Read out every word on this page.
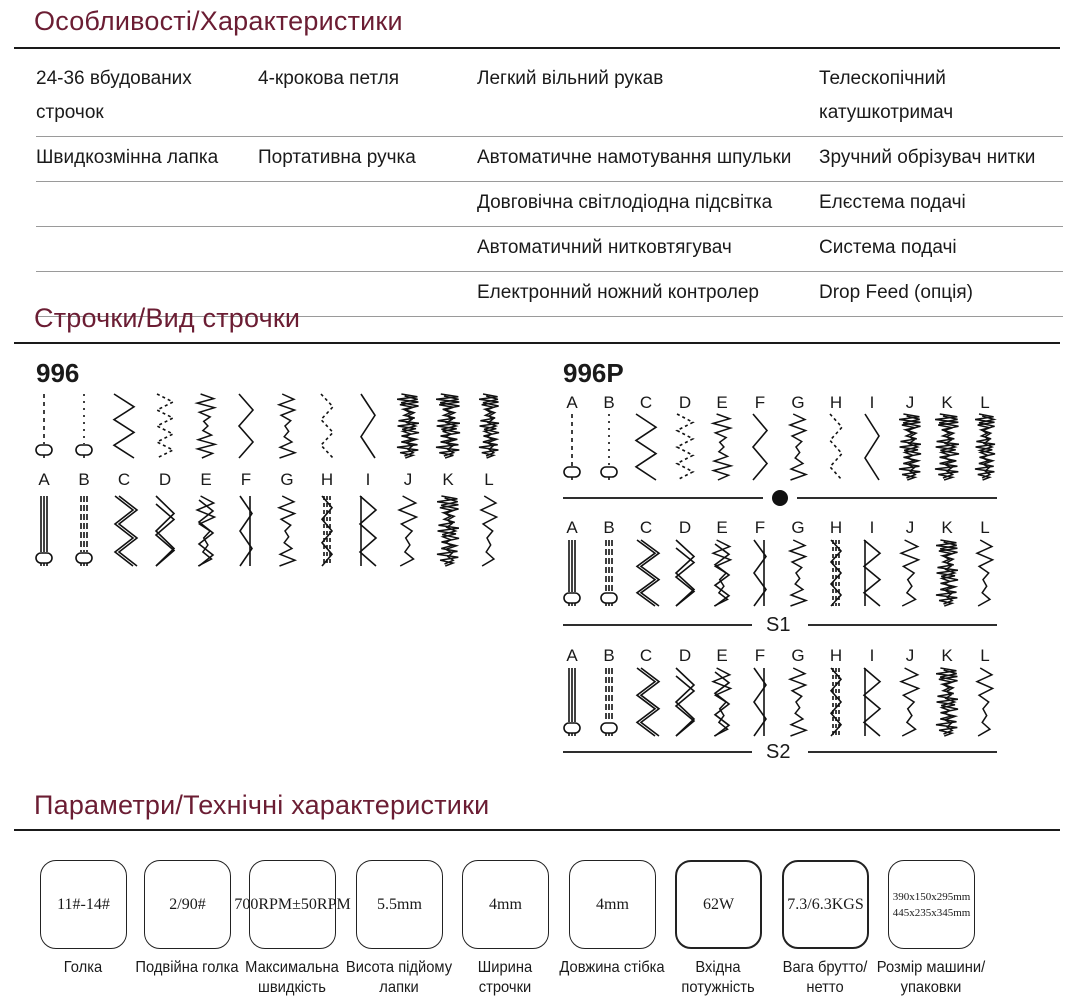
Особливості/Характеристики
24-36 вбудованих строчок	4-крокова петля	Легкий вільний рукав	Телескопічний катушкотримач
Швидкозмінна лапка	Портативна ручка	Автоматичне намотування шпульки	Зручний обрізувач нитки
		Довговічна світлодіодна підсвітка	Елєстема подачі
		Автоматичний нитковтягувач	Система подачі
		Електронний ножний контролер	Drop Feed (опція)
Строчки/Вид строчки
996	996P
S1
S2
A B C D E F G H	I	J K L
A B C D E F G H	I	J K L
A B C D E F G H	I	J K L
A B C D E F G H	I	J K L
Параметри/Технічні характеристики
11#-14#
Голка
2/90#
Подвійна голка
700RPM±50RPM
Максимальна швидкість
5.5mm
Висота підйому лапки
4mm
Ширина строчки
4mm
Довжина стібка
62W
Вхідна потужність
7.3/6.3KGS
Вага брутто/нетто
390x150x295mm 445x235x345mm
Розмір машини/ упаковки
